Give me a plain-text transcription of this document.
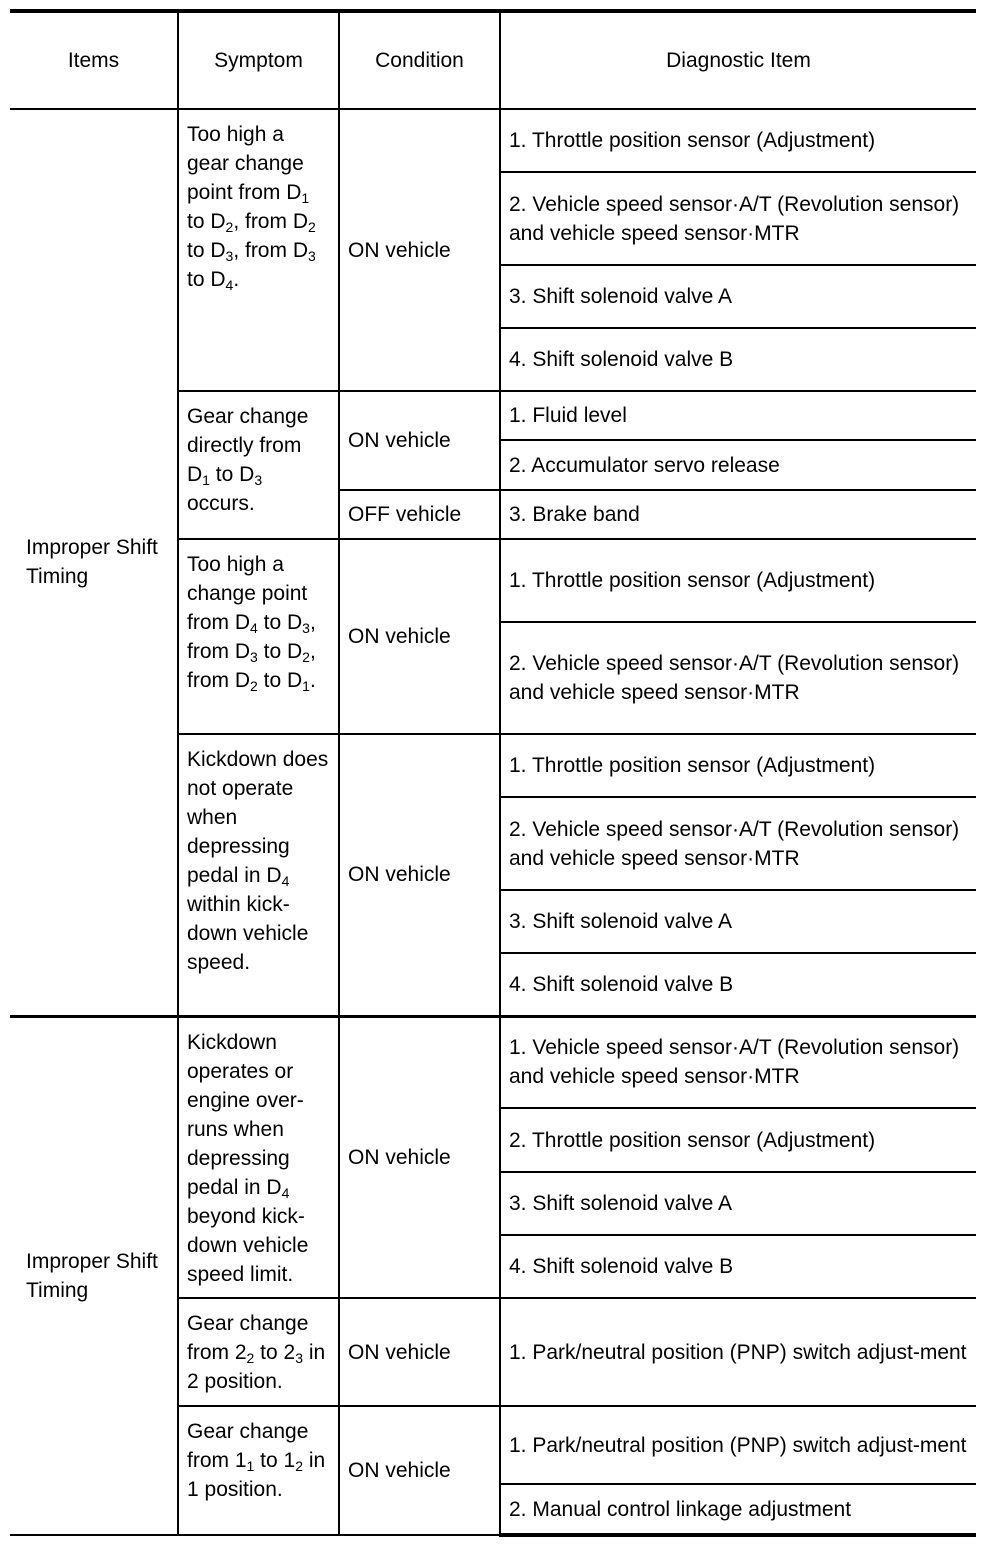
Items	Symptom	Condition	Diagnostic Item
Improper Shift Timing	Too high a gear change point from $D_1$ to $D_2$, from $D_2$ to $D_3$, from $D_3$ to $D_4$.	ON vehicle	1. Throttle position sensor (Adjustment)
			2. Vehicle speed sensor·A/T (Revolution sensor) and vehicle speed sensor·MTR
			3. Shift solenoid valve A
			4. Shift solenoid valve B
	Gear change directly from $D_1$ to $D_3$ occurs.	ON vehicle	1. Fluid level
			2. Accumulator servo release
		OFF vehicle	3. Brake band
	Too high a change point from $D_4$ to $D_3$, from $D_3$ to $D_2$, from $D_2$ to $D_1$.	ON vehicle	1. Throttle position sensor (Adjustment)
			2. Vehicle speed sensor·A/T (Revolution sensor) and vehicle speed sensor·MTR
	Kickdown does not operate when depressing pedal in $D_4$ within kick-down vehicle speed.	ON vehicle	1. Throttle position sensor (Adjustment)
			2. Vehicle speed sensor·A/T (Revolution sensor) and vehicle speed sensor·MTR
			3. Shift solenoid valve A
			4. Shift solenoid valve B
Improper Shift Timing	Kickdown operates or engine over-runs when depressing pedal in $D_4$ beyond kick-down vehicle speed limit.	ON vehicle	1. Vehicle speed sensor·A/T (Revolution sensor) and vehicle speed sensor·MTR
			2. Throttle position sensor (Adjustment)
			3. Shift solenoid valve A
			4. Shift solenoid valve B
	Gear change from $2_2$ to $2_3$ in 2 position.	ON vehicle	1. Park/neutral position (PNP) switch adjust-ment
	Gear change from $1_1$ to $1_2$ in 1 position.	ON vehicle	1. Park/neutral position (PNP) switch adjust-ment
			2. Manual control linkage adjustment
